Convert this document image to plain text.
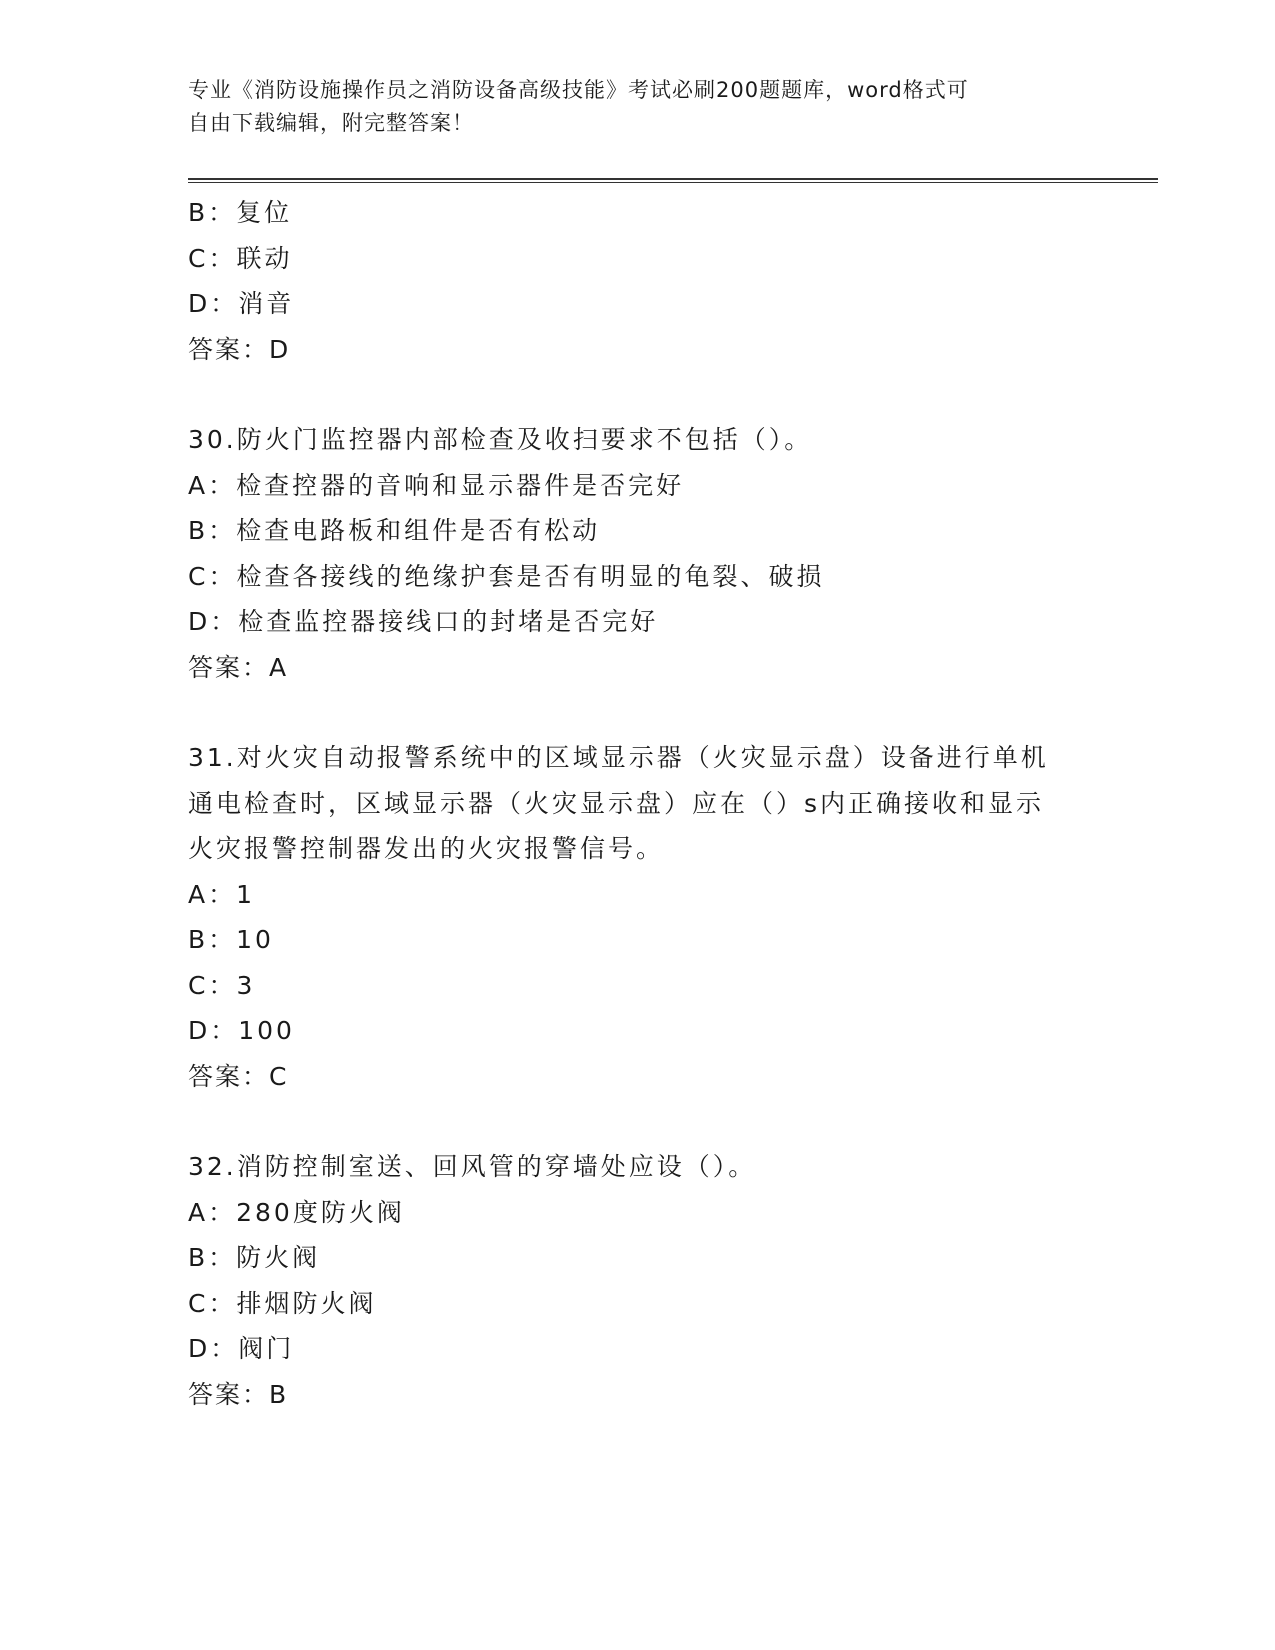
专业《消防设施操作员之消防设备高级技能》考试必刷200题题库，word格式可
自由下载编辑，附完整答案！
B：复位
C：联动
D：消音
答案：D
30.防火门监控器内部检查及收扫要求不包括（）。
A：检查控器的音响和显示器件是否完好
B：检查电路板和组件是否有松动
C：检查各接线的绝缘护套是否有明显的龟裂、破损
D：检查监控器接线口的封堵是否完好
答案：A
31.对火灾自动报警系统中的区域显示器（火灾显示盘）设备进行单机
通电检查时，区域显示器（火灾显示盘）应在（）s内正确接收和显示
火灾报警控制器发出的火灾报警信号。
A：1
B：10
C：3
D：100
答案：C
32.消防控制室送、回风管的穿墙处应设（）。
A：280度防火阀
B：防火阀
C：排烟防火阀
D：阀门
答案：B
